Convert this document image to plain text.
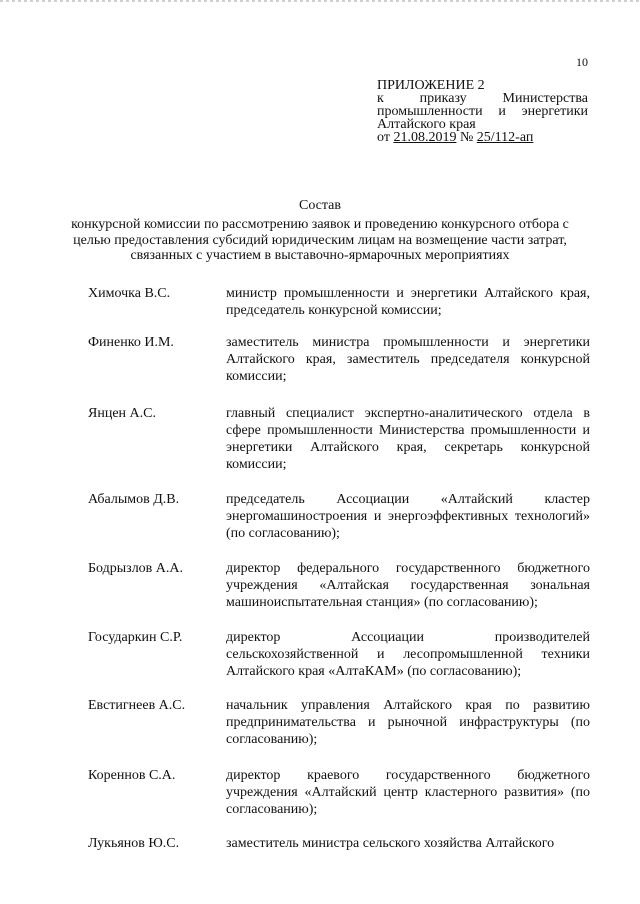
10
ПРИЛОЖЕНИЕ 2
к приказу Министерства промышленности и энергетики
Алтайского края
от 21.08.2019 № 25/112-ап
Состав
конкурсной комиссии по рассмотрению заявок и проведению конкурсного отбора с целью предоставления субсидий юридическим лицам на возмещение части затрат, связанных с участием в выставочно-ярмарочных мероприятиях
Химочка В.С.	министр промышленности и энергетики Алтайского края, председатель конкурсной комиссии;
Финенко И.М.	заместитель министра промышленности и энергетики Алтайского края, заместитель председателя конкурсной комиссии;
Янцен А.С.	главный специалист экспертно-аналитического отдела в сфере промышленности Министерства промышленности и энергетики Алтайского края, секретарь конкурсной комиссии;
Абалымов Д.В.	председатель Ассоциации «Алтайский кластер энергомашиностроения и энергоэффективных технологий» (по согласованию);
Бодрызлов А.А.	директор федерального государственного бюджетного учреждения «Алтайская государственная зональная машиноиспытательная станция» (по согласованию);
Государкин С.Р.	директор Ассоциации производителей сельскохозяйственной и лесопромышленной техники Алтайского края «АлтаКАМ» (по согласованию);
Евстигнеев А.С.	начальник управления Алтайского края по развитию предпринимательства и рыночной инфраструктуры (по согласованию);
Кореннов С.А.	директор краевого государственного бюджетного учреждения «Алтайский центр кластерного развития» (по согласованию);
Лукьянов Ю.С.	заместитель министра сельского хозяйства Алтайского
